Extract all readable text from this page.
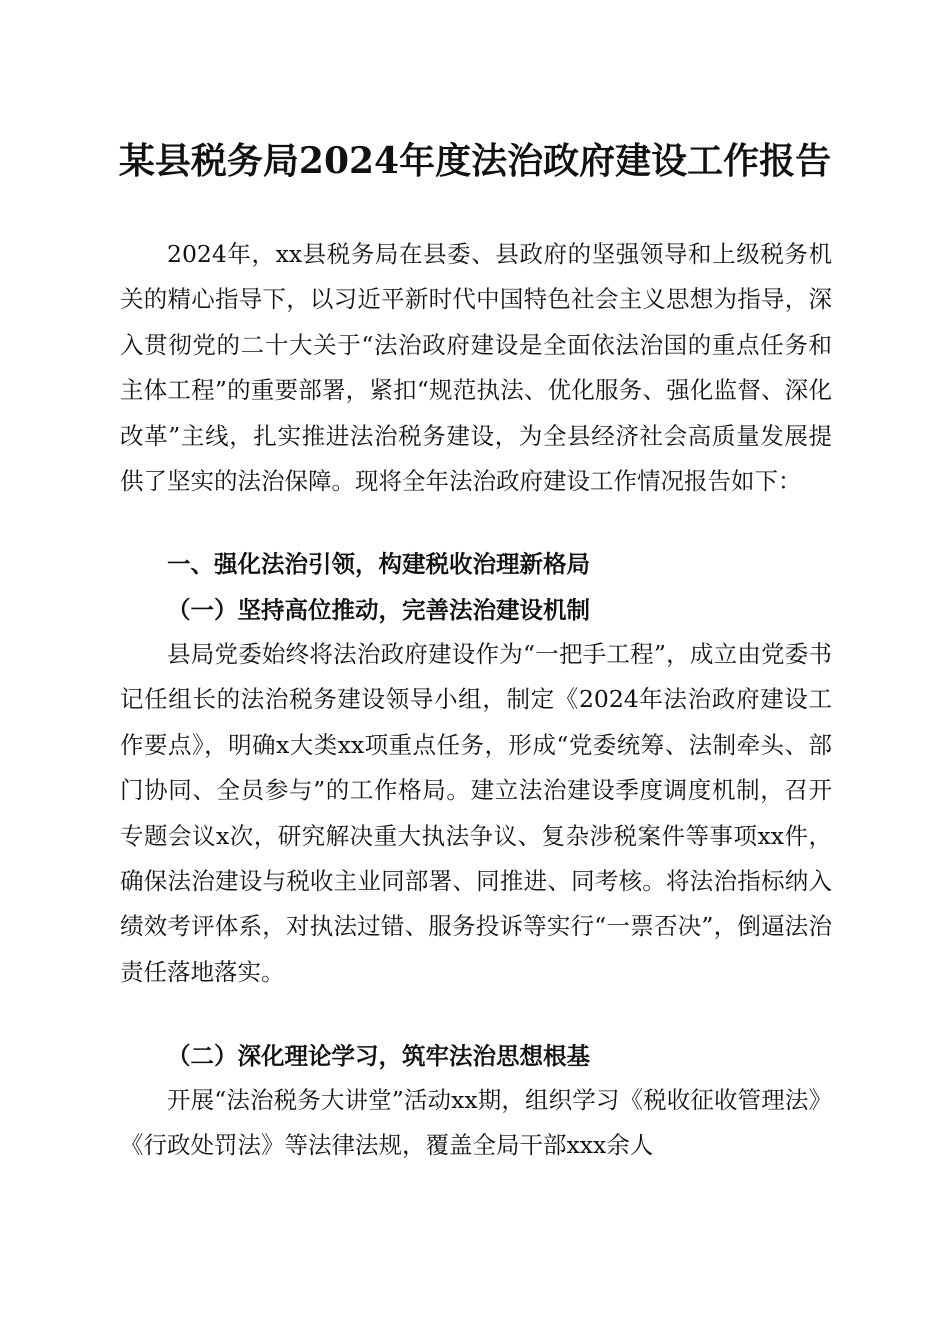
某县税务局2024年度法治政府建设工作报告

2024年，xx县税务局在县委、县政府的坚强领导和上级税务机关的精心指导下，以习近平新时代中国特色社会主义思想为指导，深入贯彻党的二十大关于“法治政府建设是全面依法治国的重点任务和主体工程”的重要部署，紧扣“规范执法、优化服务、强化监督、深化改革”主线，扎实推进法治税务建设，为全县经济社会高质量发展提供了坚实的法治保障。现将全年法治政府建设工作情况报告如下：

一、强化法治引领，构建税收治理新格局

（一）坚持高位推动，完善法治建设机制

县局党委始终将法治政府建设作为“一把手工程”，成立由党委书记任组长的法治税务建设领导小组，制定《2024年法治政府建设工作要点》，明确x大类xx项重点任务，形成“党委统筹、法制牵头、部门协同、全员参与”的工作格局。建立法治建设季度调度机制，召开专题会议x次，研究解决重大执法争议、复杂涉税案件等事项xx件，确保法治建设与税收主业同部署、同推进、同考核。将法治指标纳入绩效考评体系，对执法过错、服务投诉等实行“一票否决”，倒逼法治责任落地落实。

（二）深化理论学习，筑牢法治思想根基

开展“法治税务大讲堂”活动xx期，组织学习《税收征收管理法》《行政处罚法》等法律法规，覆盖全局干部xxx余人
